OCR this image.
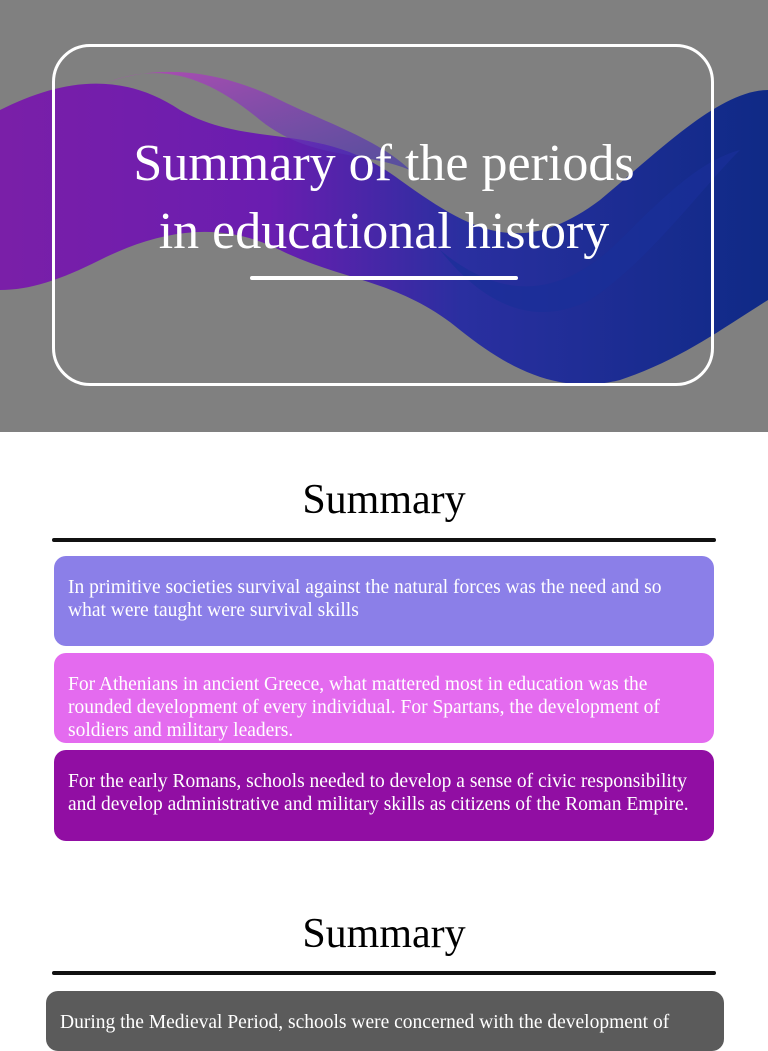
Summary of the periods
in educational history
Summary
In primitive societies survival against the natural forces was the need and so what were taught were survival skills
For Athenians in ancient Greece, what mattered most in education was the rounded development of every individual. For Spartans, the development of soldiers and military leaders.
For the early Romans, schools needed to develop a sense of civic responsibility and develop administrative and military skills as citizens of the Roman Empire.
Summary
During the Medieval Period, schools were concerned with the development of
